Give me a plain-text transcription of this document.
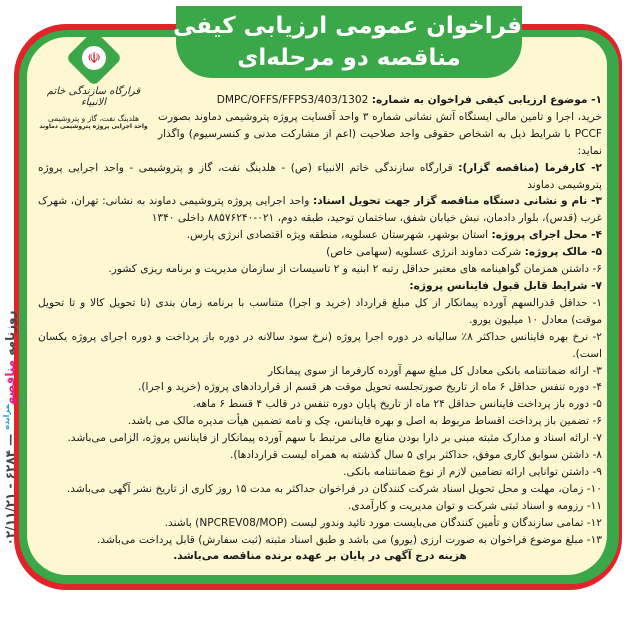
فراخوان عمومی ارزیابی کیفی
مناقصه دو مرحله‌ای
☫
قرارگاه سازندگی خاتم الانبیاء
هلدینگ نفت، گاز و پتروشیمی
واحد اجرایی پروژه پتروشیمی دماوند
روزنامه مناقصه$^{مزایده}$ — ۶۲۸۴ - ۰۲/۱۱/۲۱

۱- موضوع ارزیابی کیفی فراخوان به شماره: DMPC/OFFS/FFPS3/403/1302

خرید، اجرا و تامین مالی ایستگاه آتش نشانی شماره ۳ واحد آفسایت پروژه پتروشیمی دماوند بصورت PCCF با شرایط ذیل به اشخاص حقوقی واجد صلاحیت (اعم از مشارکت مدنی و کنسرسیوم) واگذار نماید:

۲- کارفرما (مناقصه گزار): قرارگاه سازندگی خاتم الانبیاء (ص) - هلدینگ نفت، گاز و پتروشیمی - واحد اجرایی پروژه پتروشیمی دماوند

۳- نام و نشانی دستگاه مناقصه گزار جهت تحویل اسناد: واحد اجرایی پروژه پتروشیمی دماوند به نشانی: تهران، شهرک غرب (قدس)، بلوار دادمان، نبش خیابان شفق، ساختمان توحید، طبقه دوم، ۰۲۱-۸۸۵۷۶۲۴۰ داخلی ۱۳۴۰

۴- محل اجرای پروژه: استان بوشهر، شهرستان عسلویه، منطقه ویژه اقتصادی انرژی پارس.

۵- مالک پروژه: شرکت دماوند انرژی عسلویه (سهامی خاص)

۶- داشتن همزمان گواهینامه های معتبر حداقل رتبه ۲ ابنیه و ۲ تاسیسات از سازمان مدیریت و برنامه ریزی کشور.

۷- شرایط قابل قبول فاینانس پروژه:

۱- حداقل قدرالسهم آورده پیمانکار از کل مبلغ قرارداد (خرید و اجرا) متناسب با برنامه زمان بندی (تا تحویل کالا و تا تحویل موقت) معادل ۱۰ میلیون یورو.

۲- نرخ بهره فاینانس حداکثر ۸٪ سالیانه در دوره اجرا پروژه (نرخ سود سالانه در دوره باز پرداخت و دوره اجرای پروژه یکسان است).

۳- ارائه ضمانتنامه بانکی معادل کل مبلغ سهم آورده کارفرما از سوی پیمانکار

۴- دوره تنفس حداقل ۶ ماه از تاریخ صورتجلسه تحویل موقت هر قسم از قراردادهای پروژه (خرید و اجرا).

۵- دوره باز پرداخت فاینانس حداقل ۲۴ ماه از تاریخ پایان دوره تنفس در قالب ۴ قسط ۶ ماهه.

۶- تضمین باز پرداخت اقساط مربوط به اصل و بهره فاینانس، چک و نامه تضمین هیأت مدیره مالک می باشد.

۷- ارائه اسناد و مدارک مثبته مبنی بر دارا بودن منابع مالی مرتبط با سهم آورده پیمانکار از فاینانس پروژه، الزامی می‌باشد.

۸- داشتن سوابق کاری موفق، حداکثر برای ۵ سال گذشته به همراه لیست قراردادها).

۹- داشتن توانایی ارائه تضامین لازم از نوع ضمانتنامه بانکی.

۱۰- زمان، مهلت و محل تحویل اسناد شرکت کنندگان در فراخوان حداکثر به مدت ۱۵ روز کاری از تاریخ نشر آگهی می‌باشد.

۱۱- رزومه و اسناد ثبتی شرکت و توان مدیریت و کارآمدی.

۱۲- تمامی سازندگان و تأمین کنندگان می‌بایست مورد تائید وندور لیست (NPCREV08/MOP) باشند.

۱۳- مبلغ موضوع فراخوان به صورت ارزی (یورو) می باشد و طبق اسناد مثبته (ثبت سفارش) قابل پرداخت می‌باشد.

هزینه درج آگهی در پایان بر عهده برنده مناقصه می‌باشد.
